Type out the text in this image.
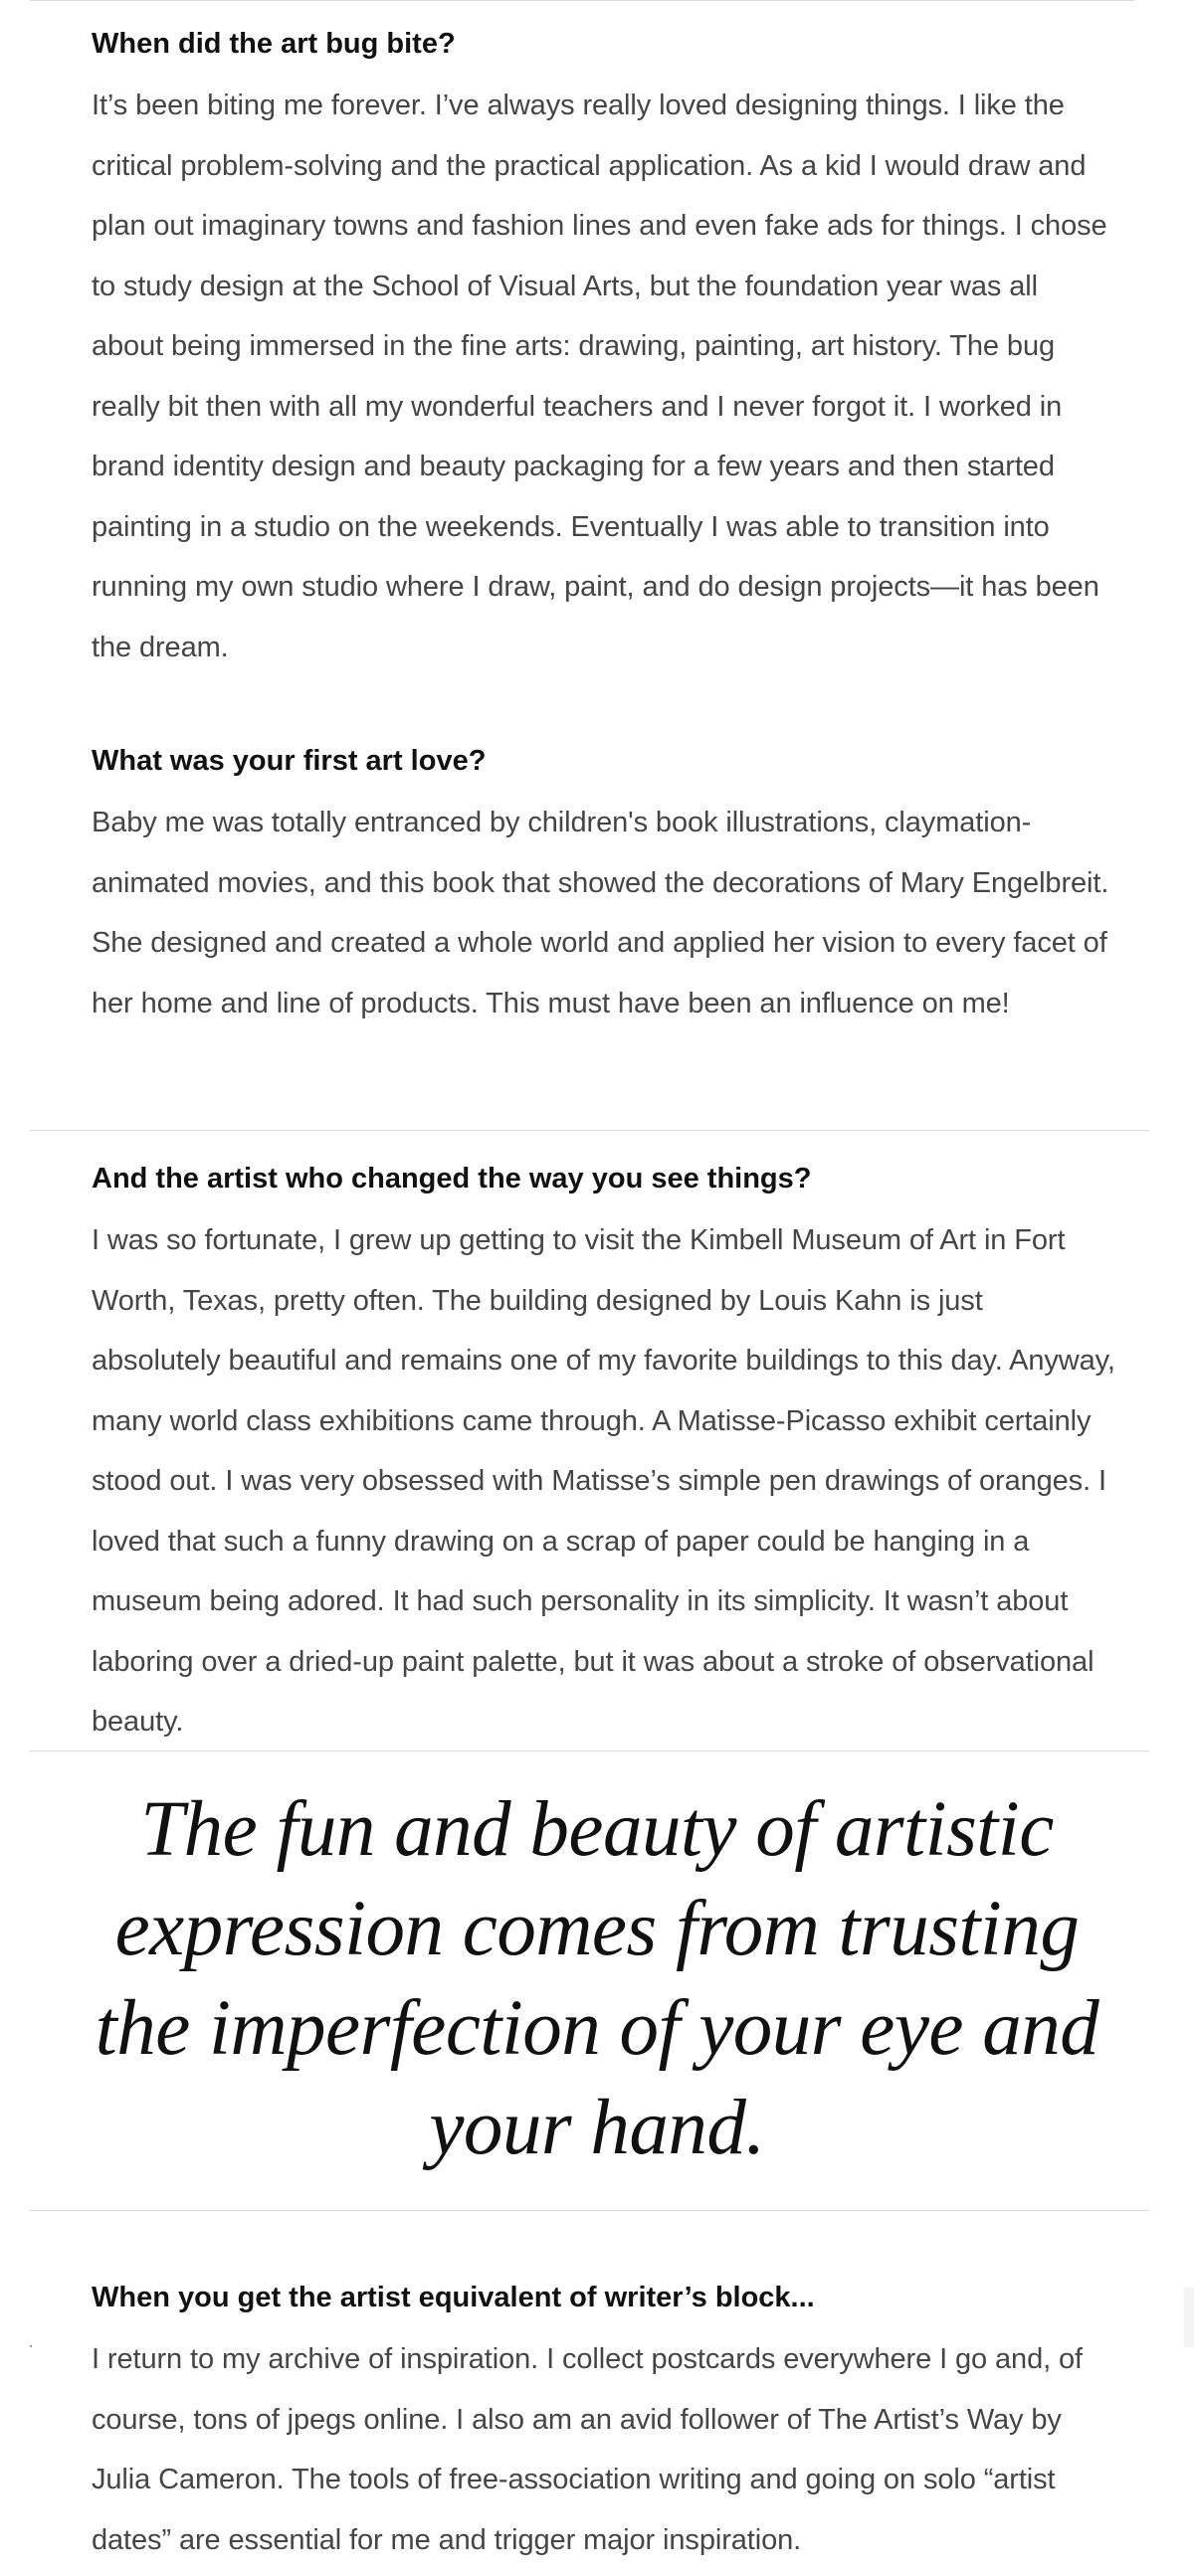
When did the art bug bite?

It’s been biting me forever. I’ve always really loved designing things. I like the critical problem-solving and the practical application. As a kid I would draw and plan out imaginary towns and fashion lines and even fake ads for things. I chose to study design at the School of Visual Arts, but the foundation year was all about being immersed in the fine arts: drawing, painting, art history. The bug really bit then with all my wonderful teachers and I never forgot it. I worked in brand identity design and beauty packaging for a few years and then started painting in a studio on the weekends. Eventually I was able to transition into running my own studio where I draw, paint, and do design projects—it has been the dream.

What was your first art love?

Baby me was totally entranced by children's book illustrations, claymation-animated movies, and this book that showed the decorations of Mary Engelbreit. She designed and created a whole world and applied her vision to every facet of her home and line of products. This must have been an influence on me!

And the artist who changed the way you see things?

I was so fortunate, I grew up getting to visit the Kimbell Museum of Art in Fort Worth, Texas, pretty often. The building designed by Louis Kahn is just absolutely beautiful and remains one of my favorite buildings to this day. Anyway, many world class exhibitions came through. A Matisse-Picasso exhibit certainly stood out. I was very obsessed with Matisse’s simple pen drawings of oranges. I loved that such a funny drawing on a scrap of paper could be hanging in a museum being adored. It had such personality in its simplicity. It wasn’t about laboring over a dried-up paint palette, but it was about a stroke of observational beauty.

The fun and beauty of artistic expression comes from trusting the imperfection of your eye and your hand.
When you get the artist equivalent of writer’s block...

I return to my archive of inspiration. I collect postcards everywhere I go and, of course, tons of jpegs online. I also am an avid follower of The Artist’s Way by Julia Cameron. The tools of free-association writing and going on solo “artist dates” are essential for me and trigger major inspiration.
